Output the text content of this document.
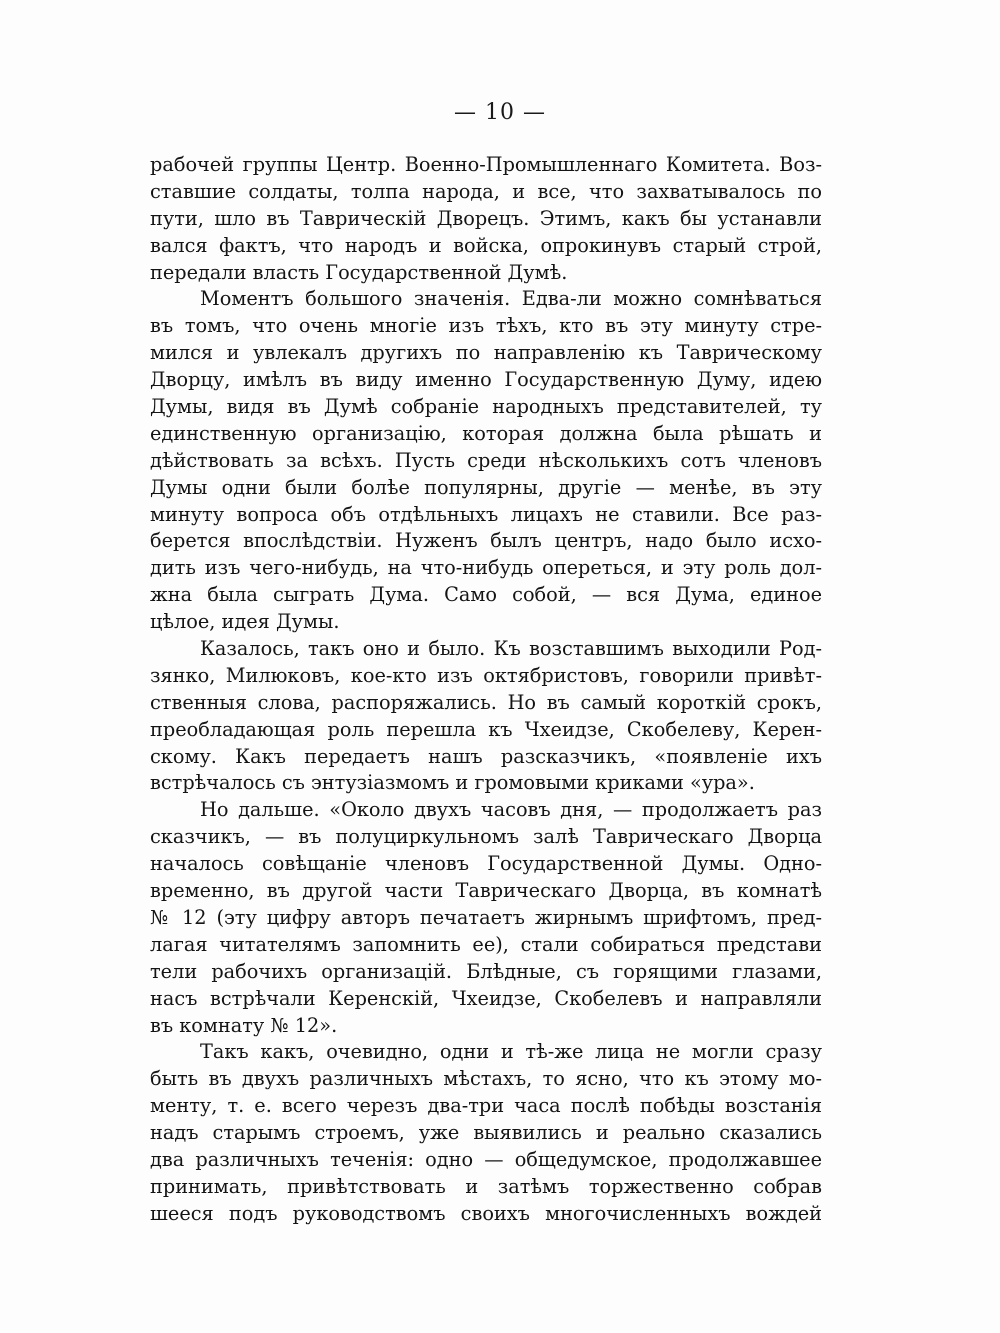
— 10 —
рабочей группы Центр. Военно-Промышленнаго Комитета. Воз-
ставшие солдаты, толпа народа, и все, что захватывалось по
пути, шло въ Таврическій Дворецъ. Этимъ, какъ бы устанавли
вался фактъ, что народъ и войска, опрокинувъ старый строй,
передали власть Государственной Думѣ.
Моментъ большого значенія. Едва-ли можно сомнѣваться
въ томъ, что очень многіе изъ тѣхъ, кто въ эту минуту стре-
мился и увлекалъ другихъ по направленію къ Таврическому
Дворцу, имѣлъ въ виду именно Государственную Думу, идею
Думы, видя въ Думѣ собраніе народныхъ представителей, ту
единственную организацію, которая должна была рѣшать и
дѣйствовать за всѣхъ. Пусть среди нѣсколькихъ сотъ членовъ
Думы одни были болѣе популярны, другіе — менѣе, въ эту
минуту вопроса объ отдѣльныхъ лицахъ не ставили. Все раз-
берется впослѣдствіи. Нуженъ былъ центръ, надо было исхо-
дить изъ чего-нибудь, на что-нибудь опереться, и эту роль дол-
жна была сыграть Дума. Само собой, — вся Дума, единое
цѣлое, идея Думы.
Казалось, такъ оно и было. Къ возставшимъ выходили Род-
зянко, Милюковъ, кое-кто изъ октябристовъ, говорили привѣт-
ственныя слова, распоряжались. Но въ самый короткій срокъ,
преобладающая роль перешла къ Чхеидзе, Скобелеву, Керен-
скому. Какъ передаетъ нашъ разсказчикъ, «появленіе ихъ
встрѣчалось съ энтузіазмомъ и громовыми криками «ура».
Но дальше. «Около двухъ часовъ дня, — продолжаетъ раз
сказчикъ, — въ полуциркульномъ залѣ Таврическаго Дворца
началось совѣщаніе членовъ Государственной Думы. Одно-
временно, въ другой части Таврическаго Дворца, въ комнатѣ
№ 12 (эту цифру авторъ печатаетъ жирнымъ шрифтомъ, пред-
лагая читателямъ запомнить ее), стали собираться представи
тели рабочихъ организацій. Блѣдные, съ горящими глазами,
насъ встрѣчали Керенскій, Чхеидзе, Скобелевъ и направляли
въ комнату № 12».
Такъ какъ, очевидно, одни и тѣ-же лица не могли сразу
быть въ двухъ различныхъ мѣстахъ, то ясно, что къ этому мо-
менту, т. е. всего черезъ два-три часа послѣ побѣды возстанія
надъ старымъ строемъ, уже выявились и реально сказались
два различныхъ теченія: одно — общедумское, продолжавшее
принимать, привѣтствовать и затѣмъ торжественно собрав
шееся подъ руководствомъ своихъ многочисленныхъ вождей
